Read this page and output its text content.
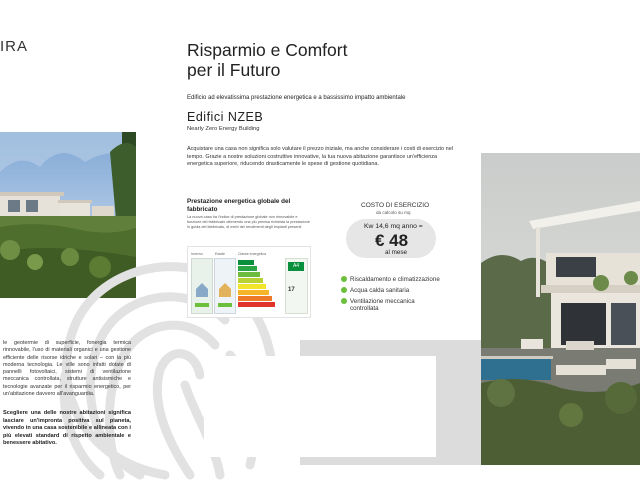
IRA
le geotermie di superficie, fonergia termica rinnovabile, l'uso di materiali organici e una gestione efficiente delle risorse idriche e solari – con la più moderna tecnologia. Le ville sono infatti dotate di pannelli fotovoltaici, sistemi di ventilazione meccanica controllata, strutture antisismiche e tecnologie avanzate per il risparmio energetico, per un'abitazione davvero all'avanguardia.
Scegliere una delle nostre abitazioni significa lasciare un'impronta positiva sul pianeta, vivendo in una casa sostenibile e allineata con i più elevati standard di rispetto ambientale e benessere abitativo.
Risparmio e Comfort
per il Futuro
Edificio ad elevatissima prestazione energetica e a bassissimo impatto ambientale
Edifici NZEB
Nearly Zero Energy Building
Acquistare una casa non significa solo valutare il prezzo iniziale, ma anche considerare i costi di esercizio nel tempo. Grazie a nostre soluzioni costruttive innovative, la tua nuova abitazione garantisce un'efficienza energetica superiore, riducendo drasticamente le spese di gestione quotidiana.
Prestazione energetica globale del fabbricato
La nuova casa ha l'indice di prestazione globale non rinnovabile e funzione del fabbricato ottenendo una più precisa richiesta la prestazione in guida del fabbricato, di metri dei rendimenti degli impianti presenti
Inverno	Estate	Classe energetica
A4
17
COSTO DI ESERCIZIO
da calcolo su mq
Kw 14,6 mq anno =
€ 48
al mese
Riscaldamento e climatizzazione
Acqua calda sanitaria
Ventilazione meccanica controllata
